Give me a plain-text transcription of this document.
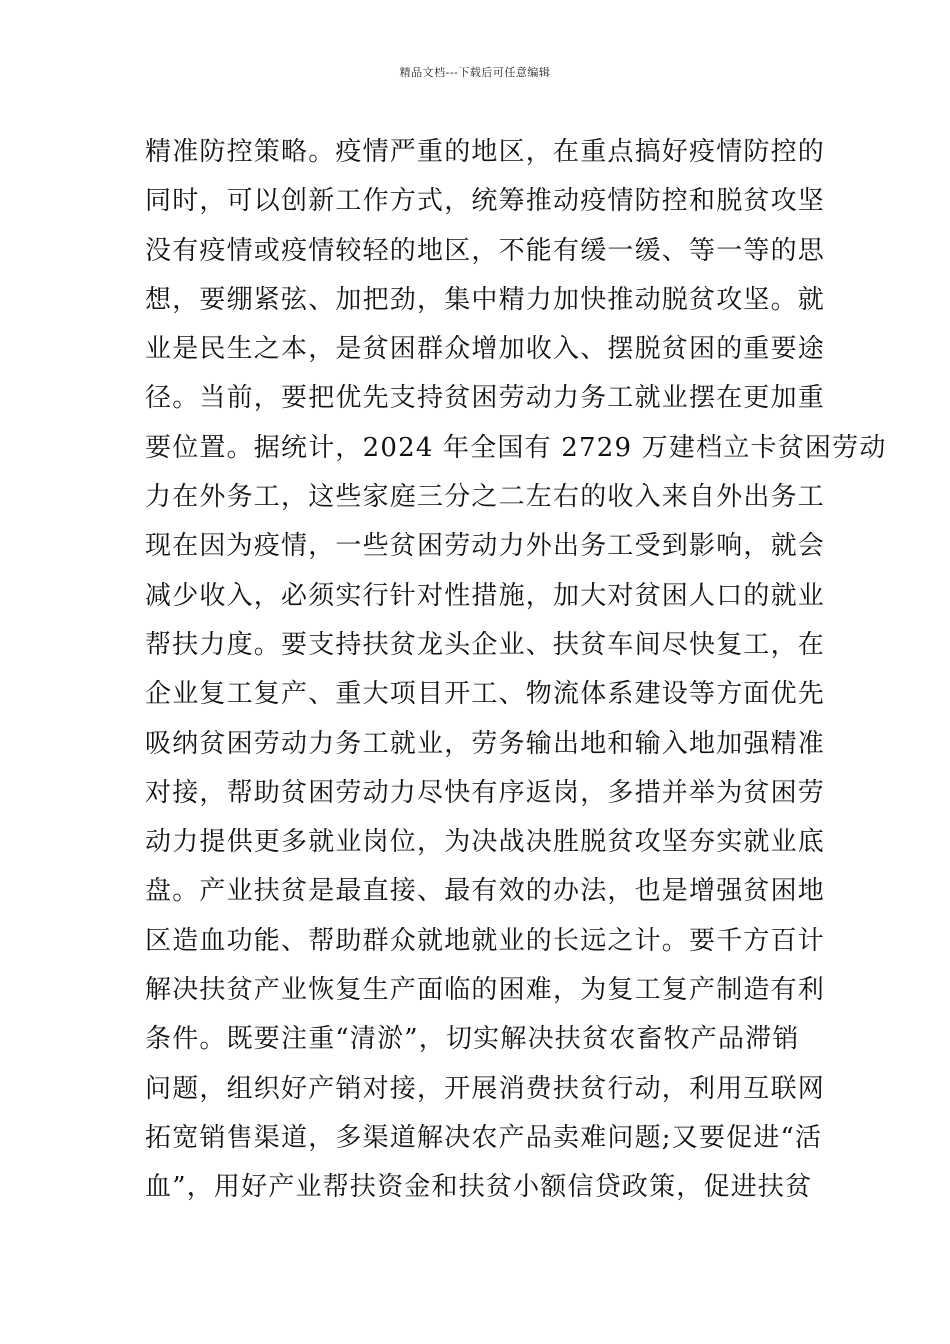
精品文档---下载后可任意编辑
精准防控策略。疫情严重的地区，在重点搞好疫情防控的
同时，可以创新工作方式，统筹推动疫情防控和脱贫攻坚
没有疫情或疫情较轻的地区，不能有缓一缓、等一等的思
想，要绷紧弦、加把劲，集中精力加快推动脱贫攻坚。就
业是民生之本，是贫困群众增加收入、摆脱贫困的重要途
径。当前，要把优先支持贫困劳动力务工就业摆在更加重
要位置。据统计，2024 年全国有 2729 万建档立卡贫困劳动
力在外务工，这些家庭三分之二左右的收入来自外出务工
现在因为疫情，一些贫困劳动力外出务工受到影响，就会
减少收入，必须实行针对性措施，加大对贫困人口的就业
帮扶力度。要支持扶贫龙头企业、扶贫车间尽快复工，在
企业复工复产、重大项目开工、物流体系建设等方面优先
吸纳贫困劳动力务工就业，劳务输出地和输入地加强精准
对接，帮助贫困劳动力尽快有序返岗，多措并举为贫困劳
动力提供更多就业岗位，为决战决胜脱贫攻坚夯实就业底
盘。产业扶贫是最直接、最有效的办法，也是增强贫困地
区造血功能、帮助群众就地就业的长远之计。要千方百计
解决扶贫产业恢复生产面临的困难，为复工复产制造有利
条件。既要注重“清淤”，切实解决扶贫农畜牧产品滞销
问题，组织好产销对接，开展消费扶贫行动，利用互联网
拓宽销售渠道，多渠道解决农产品卖难问题;又要促进“活
血”，用好产业帮扶资金和扶贫小额信贷政策，促进扶贫
